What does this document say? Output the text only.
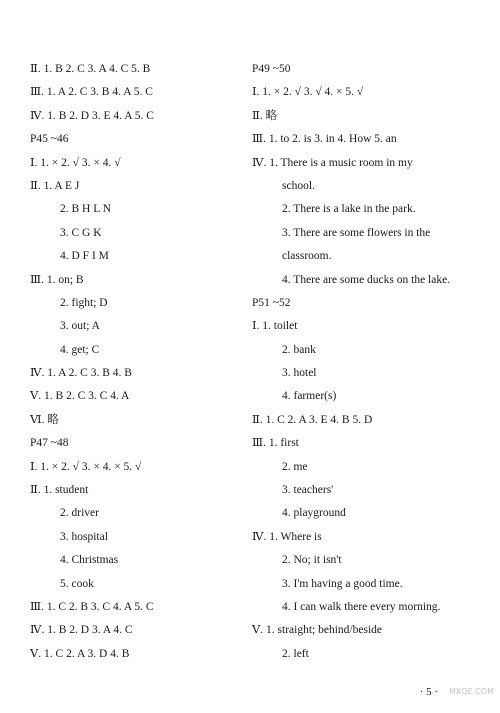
Ⅱ. 1. B 2. C 3. A 4. C 5. B
Ⅲ. 1. A 2. C 3. B 4. A 5. C
Ⅳ. 1. B 2. D 3. E 4. A 5. C
P45 ~46
Ⅰ. 1. × 2. √ 3. × 4. √
Ⅱ. 1. A E J
2. B H L N
3. C G K
4. D F I M
Ⅲ. 1. on; B
2. fight; D
3. out; A
4. get; C
Ⅳ. 1. A 2. C 3. B 4. B
Ⅴ. 1. B 2. C 3. C 4. A
Ⅵ. 略
P47 ~48
Ⅰ. 1. × 2. √ 3. × 4. × 5. √
Ⅱ. 1. student
2. driver
3. hospital
4. Christmas
5. cook
Ⅲ. 1. C 2. B 3. C 4. A 5. C
Ⅳ. 1. B 2. D 3. A 4. C
Ⅴ. 1. C 2. A 3. D 4. B
P49 ~50
Ⅰ. 1. × 2. √ 3. √ 4. × 5. √
Ⅱ. 略
Ⅲ. 1. to 2. is 3. in 4. How 5. an
Ⅳ. 1. There is a music room in my
school.
2. There is a lake in the park.
3. There are some flowers in the
classroom.
4. There are some ducks on the lake.
P51 ~52
Ⅰ. 1. toilet
2. bank
3. hotel
4. farmer(s)
Ⅱ. 1. C 2. A 3. E 4. B 5. D
Ⅲ. 1. first
2. me
3. teachers'
4. playground
Ⅳ. 1. Where is
2. No; it isn't
3. I'm having a good time.
4. I can walk there every morning.
Ⅴ. 1. straight; behind/beside
2. left
· 5 ·	MXQE.COM
